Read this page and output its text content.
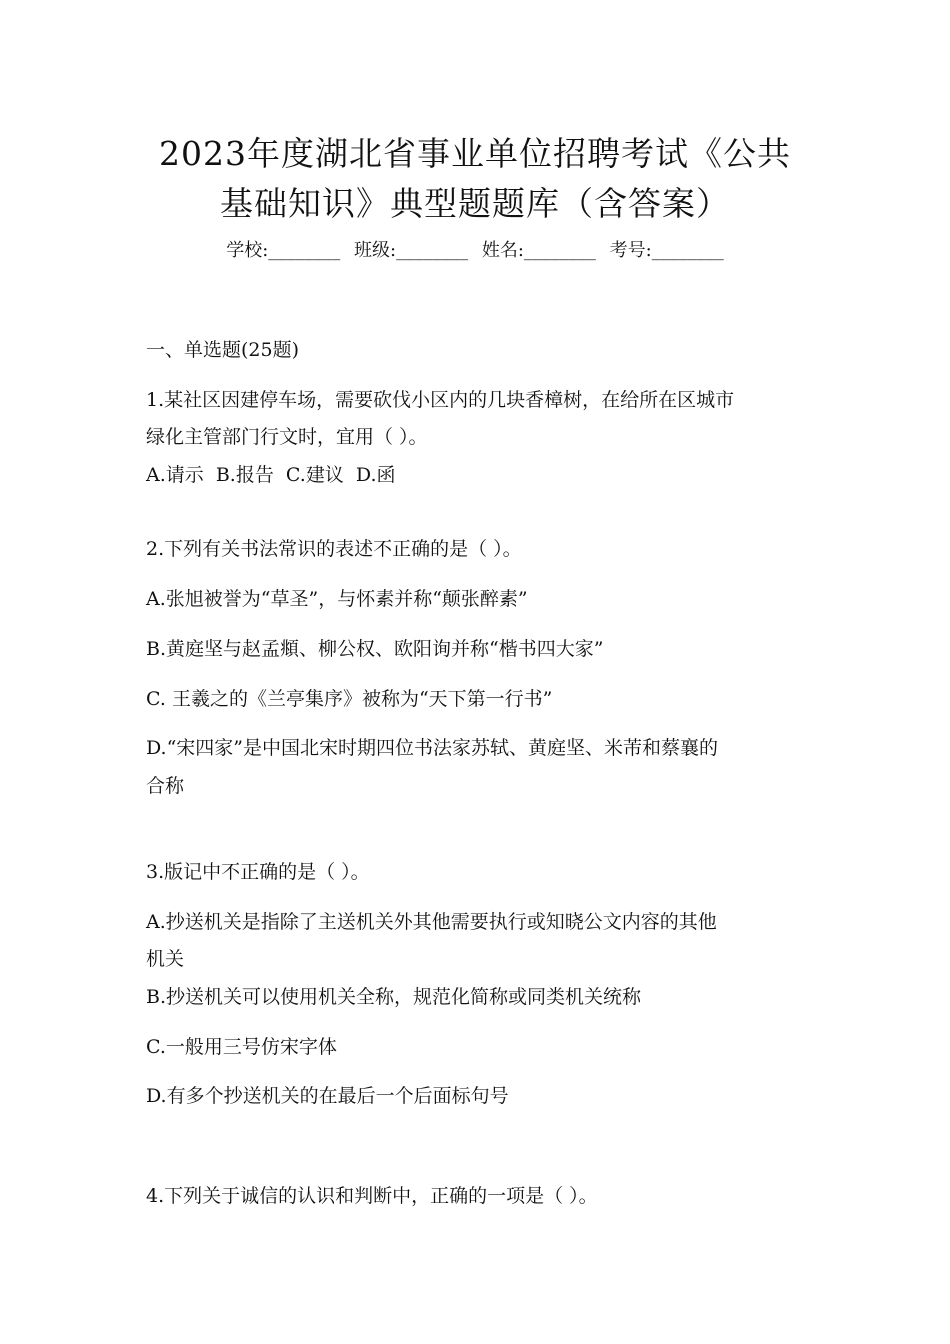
2023年度湖北省事业单位招聘考试《公共
基础知识》典型题题库（含答案）
学校:________ 班级:________ 姓名:________ 考号:________
一、单选题(25题)
1.某社区因建停车场，需要砍伐小区内的几块香樟树，在给所在区城市
绿化主管部门行文时，宜用（ ）。
A.请示  B.报告  C.建议  D.函
2.下列有关书法常识的表述不正确的是（ ）。
A.张旭被誉为“草圣”，与怀素并称“颠张醉素”
B.黄庭坚与赵孟頫、柳公权、欧阳询并称“楷书四大家”
C. 王羲之的《兰亭集序》被称为“天下第一行书”
D.“宋四家”是中国北宋时期四位书法家苏轼、黄庭坚、米芾和蔡襄的
合称
3.版记中不正确的是（ ）。
A.抄送机关是指除了主送机关外其他需要执行或知晓公文内容的其他
机关
B.抄送机关可以使用机关全称，规范化简称或同类机关统称
C.一般用三号仿宋字体
D.有多个抄送机关的在最后一个后面标句号
4.下列关于诚信的认识和判断中，正确的一项是（ ）。
